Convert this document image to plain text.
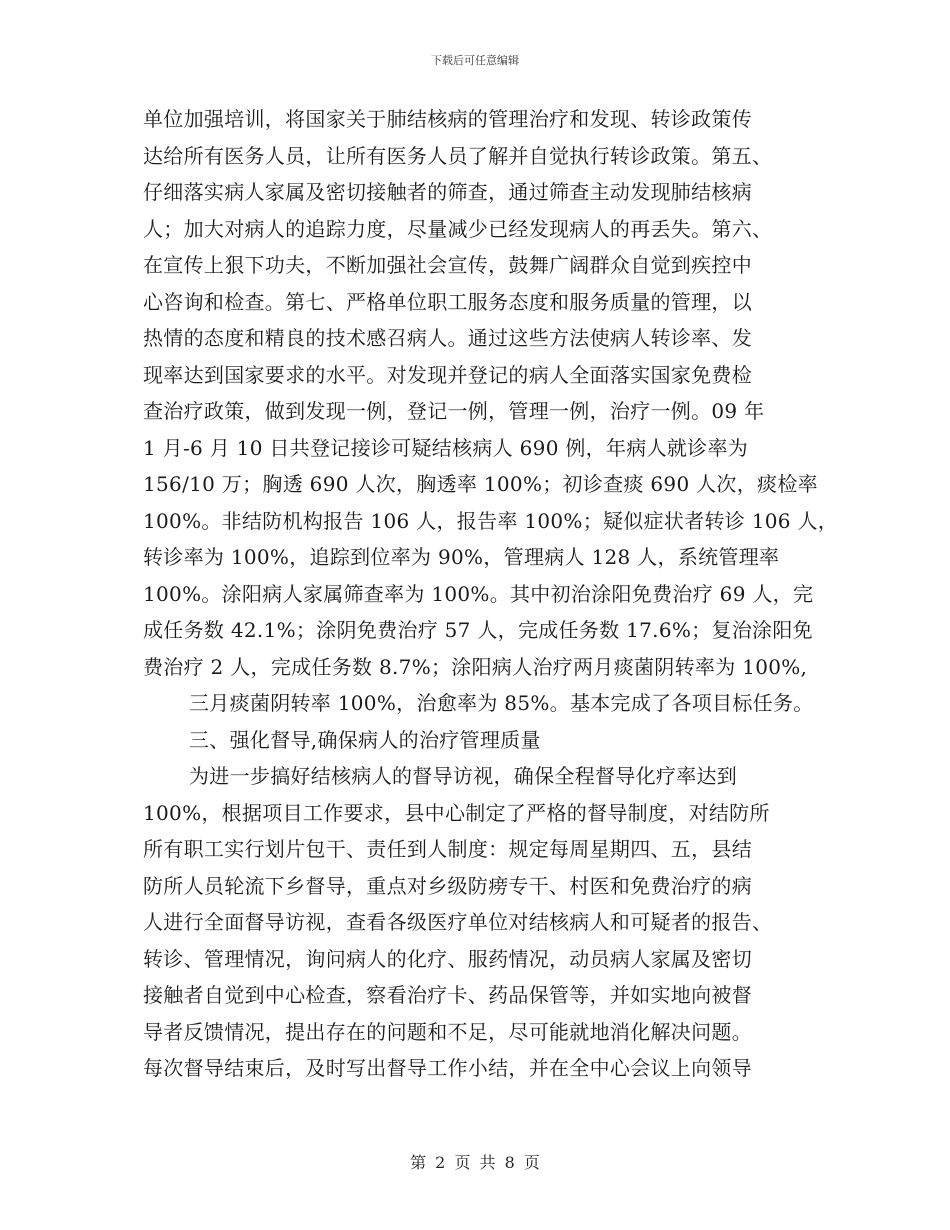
下载后可任意编辑
单位加强培训，将国家关于肺结核病的管理治疗和发现、转诊政策传
达给所有医务人员，让所有医务人员了解并自觉执行转诊政策。第五、
仔细落实病人家属及密切接触者的筛查，通过筛查主动发现肺结核病
人；加大对病人的追踪力度，尽量减少已经发现病人的再丢失。第六、
在宣传上狠下功夫，不断加强社会宣传，鼓舞广阔群众自觉到疾控中
心咨询和检查。第七、严格单位职工服务态度和服务质量的管理，以
热情的态度和精良的技术感召病人。通过这些方法使病人转诊率、发
现率达到国家要求的水平。对发现并登记的病人全面落实国家免费检
查治疗政策，做到发现一例，登记一例，管理一例，治疗一例。09 年
1 月-6 月 10 日共登记接诊可疑结核病人 690 例，年病人就诊率为
156/10 万；胸透 690 人次，胸透率 100%；初诊查痰 690 人次，痰检率
100%。非结防机构报告 106 人，报告率 100%；疑似症状者转诊 106 人，
转诊率为 100%，追踪到位率为 90%，管理病人 128 人，系统管理率
100%。涂阳病人家属筛查率为 100%。其中初治涂阳免费治疗 69 人，完
成任务数 42.1%；涂阴免费治疗 57 人，完成任务数 17.6%；复治涂阳免
费治疗 2 人，完成任务数 8.7%；涂阳病人治疗两月痰菌阴转率为 100%,
三月痰菌阴转率 100%，治愈率为 85%。基本完成了各项目标任务。
三、强化督导,确保病人的治疗管理质量
为进一步搞好结核病人的督导访视，确保全程督导化疗率达到
100%，根据项目工作要求，县中心制定了严格的督导制度，对结防所
所有职工实行划片包干、责任到人制度：规定每周星期四、五，县结
防所人员轮流下乡督导，重点对乡级防痨专干、村医和免费治疗的病
人进行全面督导访视，查看各级医疗单位对结核病人和可疑者的报告、
转诊、管理情况，询问病人的化疗、服药情况，动员病人家属及密切
接触者自觉到中心检查，察看治疗卡、药品保管等，并如实地向被督
导者反馈情况，提出存在的问题和不足，尽可能就地消化解决问题。
每次督导结束后，及时写出督导工作小结，并在全中心会议上向领导
第 2 页 共 8 页
